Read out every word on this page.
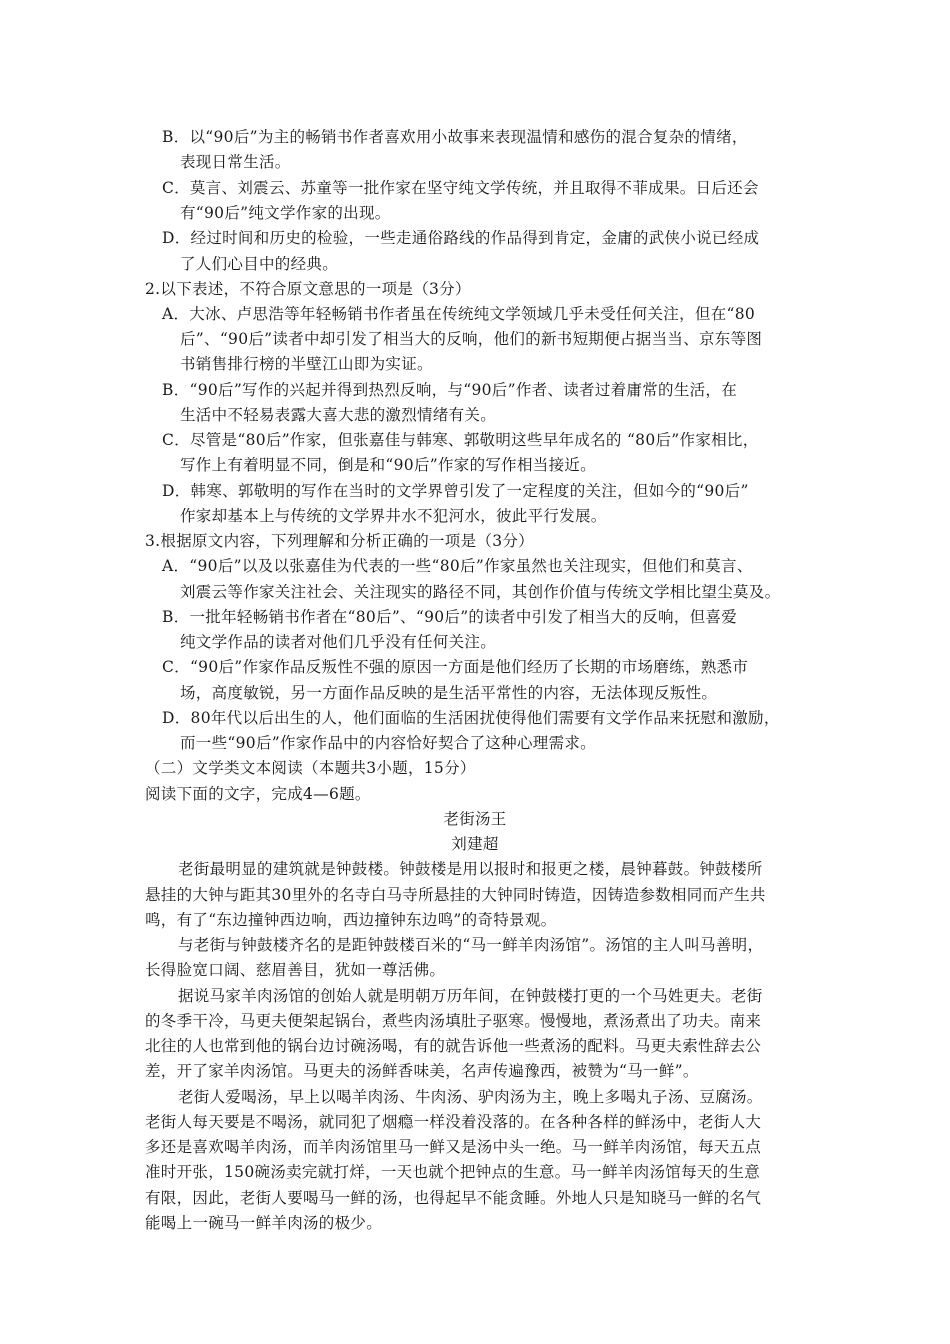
B．以“90后”为主的畅销书作者喜欢用小故事来表现温情和感伤的混合复杂的情绪，
表现日常生活。
C．莫言、刘震云、苏童等一批作家在坚守纯文学传统，并且取得不菲成果。日后还会
有“90后”纯文学作家的出现。
D．经过时间和历史的检验，一些走通俗路线的作品得到肯定，金庸的武侠小说已经成
了人们心目中的经典。
2.以下表述，不符合原文意思的一项是（3分）
A．大冰、卢思浩等年轻畅销书作者虽在传统纯文学领域几乎未受任何关注，但在“80
后”、“90后”读者中却引发了相当大的反响，他们的新书短期便占据当当、京东等图
书销售排行榜的半壁江山即为实证。
B．“90后”写作的兴起并得到热烈反响，与“90后”作者、读者过着庸常的生活，在
生活中不轻易表露大喜大悲的激烈情绪有关。
C．尽管是“80后”作家，但张嘉佳与韩寒、郭敬明这些早年成名的 “80后”作家相比，
写作上有着明显不同，倒是和“90后”作家的写作相当接近。
D．韩寒、郭敬明的写作在当时的文学界曾引发了一定程度的关注，但如今的“90后”
作家却基本上与传统的文学界井水不犯河水，彼此平行发展。
3.根据原文内容，下列理解和分析正确的一项是（3分）
A．“90后”以及以张嘉佳为代表的一些“80后”作家虽然也关注现实，但他们和莫言、
刘震云等作家关注社会、关注现实的路径不同，其创作价值与传统文学相比望尘莫及。
B．一批年轻畅销书作者在“80后”、“90后”的读者中引发了相当大的反响，但喜爱
纯文学作品的读者对他们几乎没有任何关注。
C．“90后”作家作品反叛性不强的原因一方面是他们经历了长期的市场磨练，熟悉市
场，高度敏锐，另一方面作品反映的是生活平常性的内容，无法体现反叛性。
D．80年代以后出生的人，他们面临的生活困扰使得他们需要有文学作品来抚慰和激励，
而一些“90后”作家作品中的内容恰好契合了这种心理需求。
（二）文学类文本阅读（本题共3小题，15分）
阅读下面的文字，完成4—6题。
老街汤王
刘建超
老街最明显的建筑就是钟鼓楼。钟鼓楼是用以报时和报更之楼，晨钟暮鼓。钟鼓楼所
悬挂的大钟与距其30里外的名寺白马寺所悬挂的大钟同时铸造，因铸造参数相同而产生共
鸣，有了“东边撞钟西边响，西边撞钟东边鸣”的奇特景观。
与老街与钟鼓楼齐名的是距钟鼓楼百米的“马一鲜羊肉汤馆”。汤馆的主人叫马善明，
长得脸宽口阔、慈眉善目，犹如一尊活佛。
据说马家羊肉汤馆的创始人就是明朝万历年间，在钟鼓楼打更的一个马姓更夫。老街
的冬季干冷，马更夫便架起锅台，煮些肉汤填肚子驱寒。慢慢地，煮汤煮出了功夫。南来
北往的人也常到他的锅台边讨碗汤喝，有的就告诉他一些煮汤的配料。马更夫索性辞去公
差，开了家羊肉汤馆。马更夫的汤鲜香味美，名声传遍豫西，被赞为“马一鲜”。
老街人爱喝汤，早上以喝羊肉汤、牛肉汤、驴肉汤为主，晚上多喝丸子汤、豆腐汤。
老街人每天要是不喝汤，就同犯了烟瘾一样没着没落的。在各种各样的鲜汤中，老街人大
多还是喜欢喝羊肉汤，而羊肉汤馆里马一鲜又是汤中头一绝。马一鲜羊肉汤馆，每天五点
准时开张，150碗汤卖完就打烊，一天也就个把钟点的生意。马一鲜羊肉汤馆每天的生意
有限，因此，老街人要喝马一鲜的汤，也得起早不能贪睡。外地人只是知晓马一鲜的名气
能喝上一碗马一鲜羊肉汤的极少。
